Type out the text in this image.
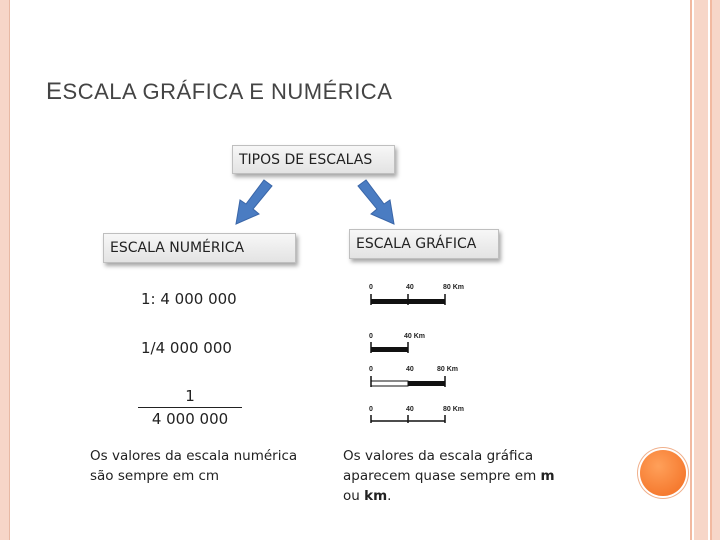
ESCALA GRÁFICA E NUMÉRICA
TIPOS DE ESCALAS
ESCALA NUMÉRICA	ESCALA GRÁFICA
1: 4 000 000
1/4 000 000
1
4 000 000
0	40	80 Km
0	40 Km
0	40	80 Km
0	40	80 Km
Os valores da escala numérica são sempre em cm
Os valores da escala gráfica aparecem quase sempre em m ou km.
